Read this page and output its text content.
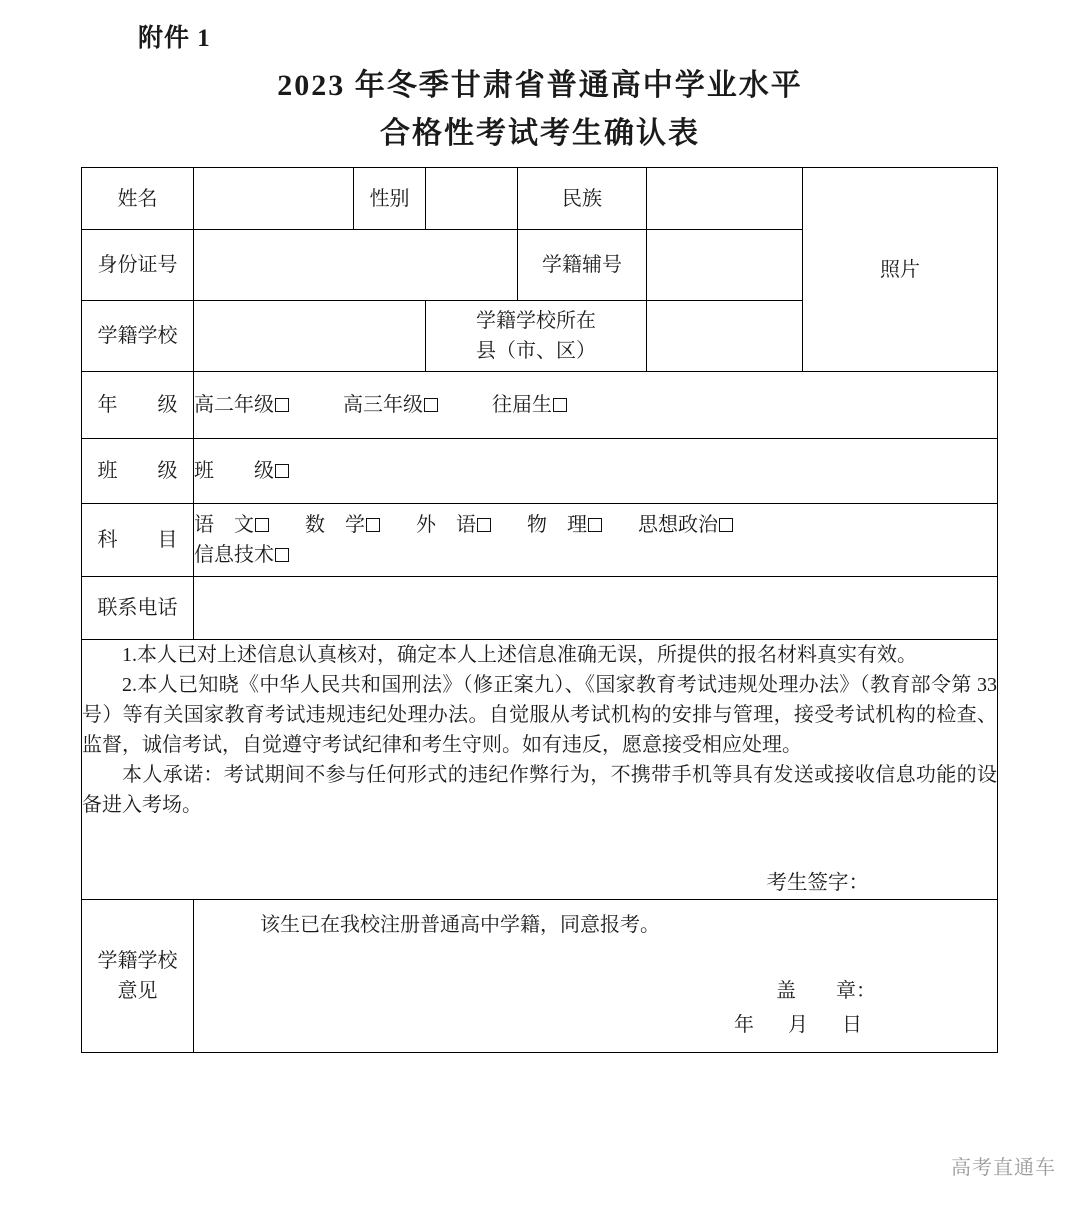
附件 1
2023 年冬季甘肃省普通高中学业水平
合格性考试考生确认表
姓名		性别		民族		照片
身份证号				学籍辅号		
学籍学校			学籍学校所在
县（市、区）			

年　　级	高二年级 高三年级 往届生					
班　　级	班　　级					
科　　目	语　文 数　学 外　语 物　理 思想政治
信息技术					
联系电话						

1.本人已对上述信息认真核对，确定本人上述信息准确无误，所提供的报名材料真实有效。

2.本人已知晓《中华人民共和国刑法》（修正案九）、《国家教育考试违规处理办法》（教育部令第 33 号）等有关国家教育考试违规违纪处理办法。自觉服从考试机构的安排与管理，接受考试机构的检查、监督，诚信考试，自觉遵守考试纪律和考生守则。如有违反，愿意接受相应处理。

本人承诺：考试期间不参与任何形式的违纪作弊行为，不携带手机等具有发送或接收信息功能的设备进入考场。

考生签字：						

学籍学校
意见

该生已在我校注册普通高中学籍，同意报考。
盖　　章：
年 月 日
高考直通车
